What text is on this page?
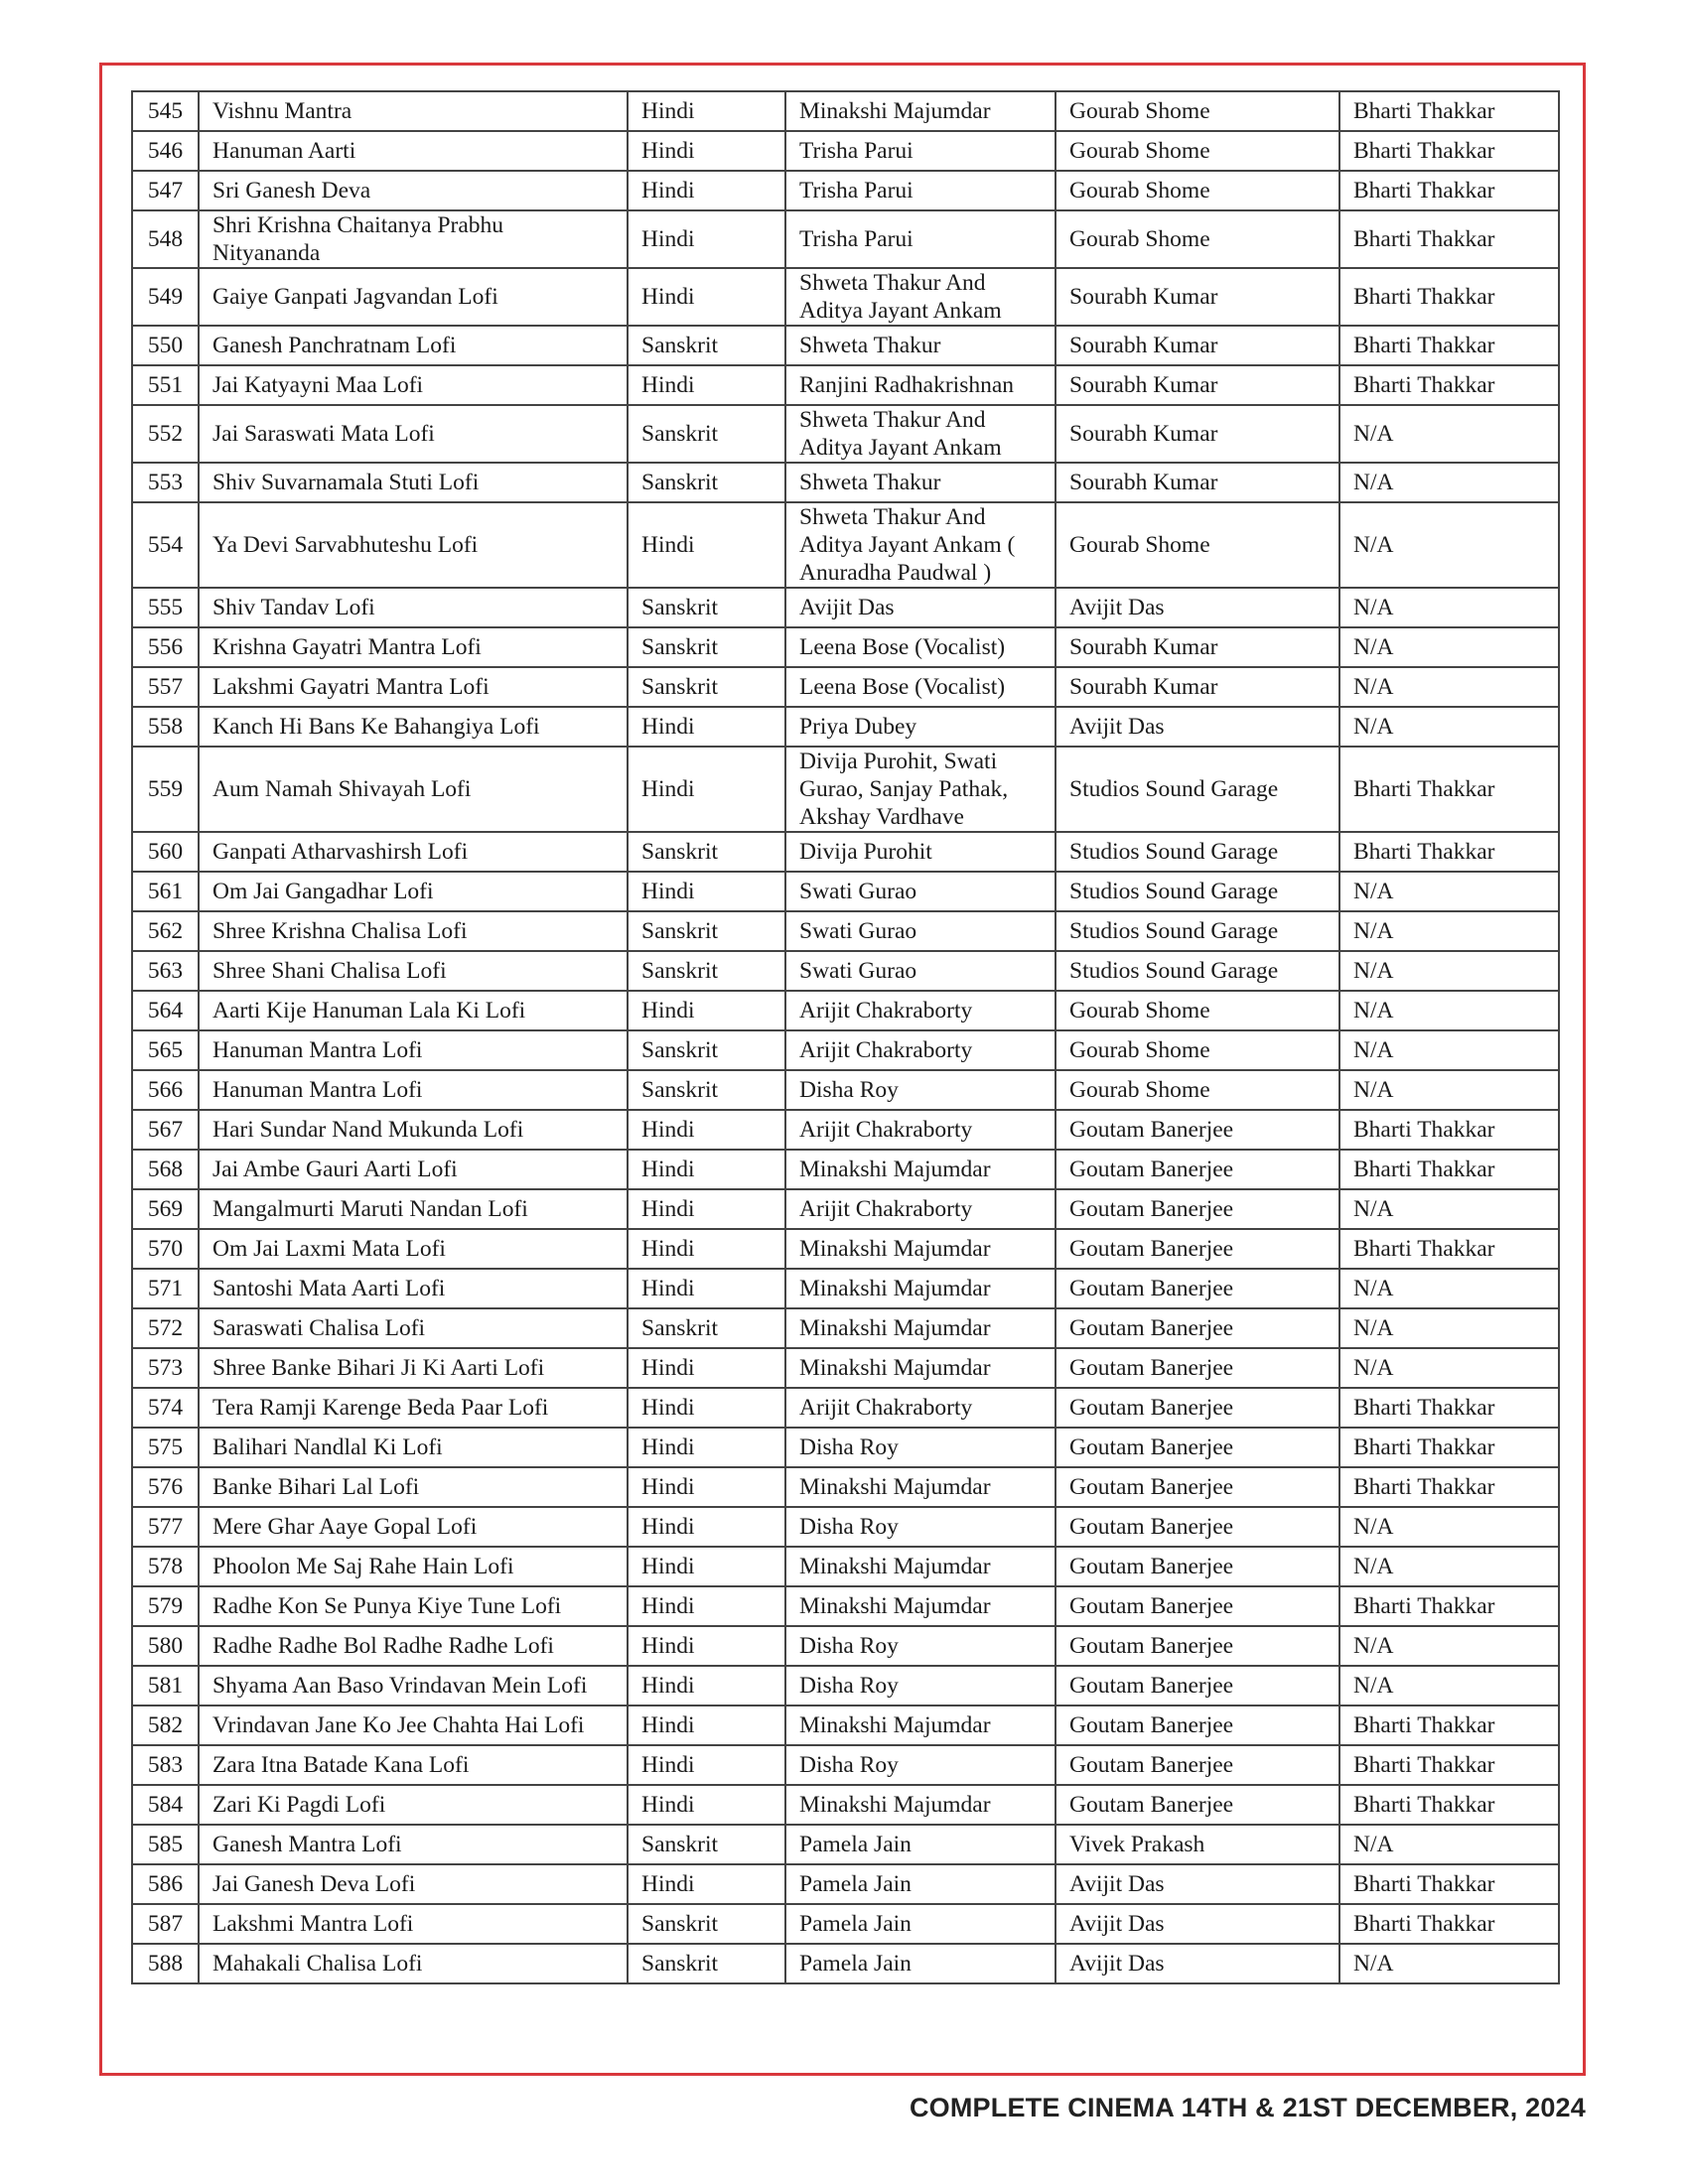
545	Vishnu Mantra	Hindi	Minakshi Majumdar	Gourab Shome	Bharti Thakkar
546	Hanuman Aarti	Hindi	Trisha Parui	Gourab Shome	Bharti Thakkar
547	Sri Ganesh Deva	Hindi	Trisha Parui	Gourab Shome	Bharti Thakkar
548	Shri Krishna Chaitanya Prabhu Nityananda	Hindi	Trisha Parui	Gourab Shome	Bharti Thakkar
549	Gaiye Ganpati Jagvandan Lofi	Hindi	Shweta Thakur And Aditya Jayant Ankam	Sourabh Kumar	Bharti Thakkar
550	Ganesh Panchratnam Lofi	Sanskrit	Shweta Thakur	Sourabh Kumar	Bharti Thakkar
551	Jai Katyayni Maa Lofi	Hindi	Ranjini Radhakrishnan	Sourabh Kumar	Bharti Thakkar
552	Jai Saraswati Mata Lofi	Sanskrit	Shweta Thakur And Aditya Jayant Ankam	Sourabh Kumar	N/A
553	Shiv Suvarnamala Stuti Lofi	Sanskrit	Shweta Thakur	Sourabh Kumar	N/A
554	Ya Devi Sarvabhuteshu Lofi	Hindi	Shweta Thakur And Aditya Jayant Ankam ( Anuradha Paudwal )	Gourab Shome	N/A
555	Shiv Tandav Lofi	Sanskrit	Avijit Das	Avijit Das	N/A
556	Krishna Gayatri Mantra Lofi	Sanskrit	Leena Bose (Vocalist)	Sourabh Kumar	N/A
557	Lakshmi Gayatri Mantra Lofi	Sanskrit	Leena Bose (Vocalist)	Sourabh Kumar	N/A
558	Kanch Hi Bans Ke Bahangiya Lofi	Hindi	Priya Dubey	Avijit Das	N/A
559	Aum Namah Shivayah Lofi	Hindi	Divija Purohit, Swati Gurao, Sanjay Pathak, Akshay Vardhave	Studios Sound Garage	Bharti Thakkar
560	Ganpati Atharvashirsh Lofi	Sanskrit	Divija Purohit	Studios Sound Garage	Bharti Thakkar
561	Om Jai Gangadhar Lofi	Hindi	Swati Gurao	Studios Sound Garage	N/A
562	Shree Krishna Chalisa Lofi	Sanskrit	Swati Gurao	Studios Sound Garage	N/A
563	Shree Shani Chalisa Lofi	Sanskrit	Swati Gurao	Studios Sound Garage	N/A
564	Aarti Kije Hanuman Lala Ki Lofi	Hindi	Arijit Chakraborty	Gourab Shome	N/A
565	Hanuman Mantra Lofi	Sanskrit	Arijit Chakraborty	Gourab Shome	N/A
566	Hanuman Mantra Lofi	Sanskrit	Disha Roy	Gourab Shome	N/A
567	Hari Sundar Nand Mukunda Lofi	Hindi	Arijit Chakraborty	Goutam Banerjee	Bharti Thakkar
568	Jai Ambe Gauri Aarti Lofi	Hindi	Minakshi Majumdar	Goutam Banerjee	Bharti Thakkar
569	Mangalmurti Maruti Nandan Lofi	Hindi	Arijit Chakraborty	Goutam Banerjee	N/A
570	Om Jai Laxmi Mata Lofi	Hindi	Minakshi Majumdar	Goutam Banerjee	Bharti Thakkar
571	Santoshi Mata Aarti Lofi	Hindi	Minakshi Majumdar	Goutam Banerjee	N/A
572	Saraswati Chalisa Lofi	Sanskrit	Minakshi Majumdar	Goutam Banerjee	N/A
573	Shree Banke Bihari Ji Ki Aarti Lofi	Hindi	Minakshi Majumdar	Goutam Banerjee	N/A
574	Tera Ramji Karenge Beda Paar Lofi	Hindi	Arijit Chakraborty	Goutam Banerjee	Bharti Thakkar
575	Balihari Nandlal Ki Lofi	Hindi	Disha Roy	Goutam Banerjee	Bharti Thakkar
576	Banke Bihari Lal Lofi	Hindi	Minakshi Majumdar	Goutam Banerjee	Bharti Thakkar
577	Mere Ghar Aaye Gopal Lofi	Hindi	Disha Roy	Goutam Banerjee	N/A
578	Phoolon Me Saj Rahe Hain Lofi	Hindi	Minakshi Majumdar	Goutam Banerjee	N/A
579	Radhe Kon Se Punya Kiye Tune Lofi	Hindi	Minakshi Majumdar	Goutam Banerjee	Bharti Thakkar
580	Radhe Radhe Bol Radhe Radhe Lofi	Hindi	Disha Roy	Goutam Banerjee	N/A
581	Shyama Aan Baso Vrindavan Mein Lofi	Hindi	Disha Roy	Goutam Banerjee	N/A
582	Vrindavan Jane Ko Jee Chahta Hai Lofi	Hindi	Minakshi Majumdar	Goutam Banerjee	Bharti Thakkar
583	Zara Itna Batade Kana Lofi	Hindi	Disha Roy	Goutam Banerjee	Bharti Thakkar
584	Zari Ki Pagdi Lofi	Hindi	Minakshi Majumdar	Goutam Banerjee	Bharti Thakkar
585	Ganesh Mantra Lofi	Sanskrit	Pamela Jain	Vivek Prakash	N/A
586	Jai Ganesh Deva Lofi	Hindi	Pamela Jain	Avijit Das	Bharti Thakkar
587	Lakshmi Mantra Lofi	Sanskrit	Pamela Jain	Avijit Das	Bharti Thakkar
588	Mahakali Chalisa Lofi	Sanskrit	Pamela Jain	Avijit Das	N/A
COMPLETE CINEMA 14TH & 21ST DECEMBER, 2024
